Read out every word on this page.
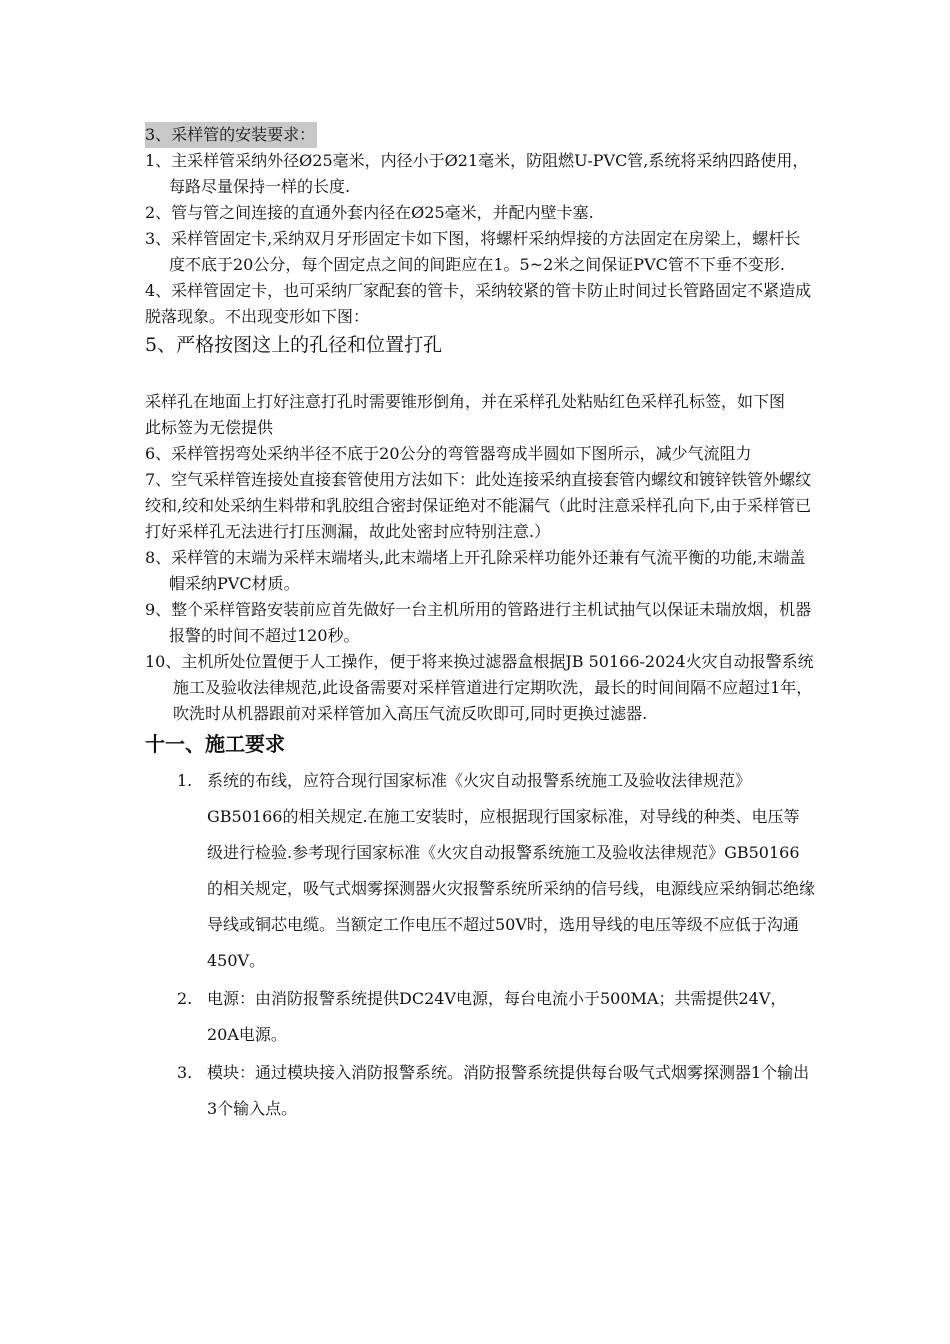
3、采样管的安装要求：

1、主采样管采纳外径Ø25毫米，内径小于Ø21毫米，防阻燃U-PVC管,系统将采纳四路使用，每路尽量保持一样的长度.

2、管与管之间连接的直通外套内径在Ø25毫米，并配内壁卡塞.

3、采样管固定卡,采纳双月牙形固定卡如下图，将螺杆采纳焊接的方法固定在房梁上，螺杆长度不底于20公分，每个固定点之间的间距应在1。5~2米之间保证PVC管不下垂不变形.

4、采样管固定卡，也可采纳厂家配套的管卡，采纳较紧的管卡防止时间过长管路固定不紧造成脱落现象。不出现变形如下图：

5、严格按图这上的孔径和位置打孔

采样孔在地面上打好注意打孔时需要锥形倒角，并在采样孔处粘贴红色采样孔标签，如下图

此标签为无偿提供

6、采样管拐弯处采纳半径不底于20公分的弯管器弯成半圆如下图所示，减少气流阻力

7、空气采样管连接处直接套管使用方法如下：此处连接采纳直接套管内螺纹和镀锌铁管外螺纹绞和,绞和处采纳生料带和乳胶组合密封保证绝对不能漏气（此时注意采样孔向下,由于采样管已打好采样孔无法进行打压测漏，故此处密封应特别注意.）

8、采样管的末端为采样末端堵头,此末端堵上开孔除采样功能外还兼有气流平衡的功能,末端盖帽采纳PVC材质。

9、整个采样管路安装前应首先做好一台主机所用的管路进行主机试抽气以保证未瑞放烟，机器报警的时间不超过120秒。

10、主机所处位置便于人工操作，便于将来换过滤器盒根据JB 50166-2024火灾自动报警系统施工及验收法律规范,此设备需要对采样管道进行定期吹洗，最长的时间间隔不应超过1年，吹洗时从机器跟前对采样管加入高压气流反吹即可,同时更换过滤器.

十一、施工要求

1. 系统的布线，应符合现行国家标准《火灾自动报警系统施工及验收法律规范》GB50166的相关规定.在施工安装时，应根据现行国家标准，对导线的种类、电压等级进行检验.参考现行国家标准《火灾自动报警系统施工及验收法律规范》GB50166的相关规定，吸气式烟雾探测器火灾报警系统所采纳的信号线，电源线应采纳铜芯绝缘导线或铜芯电缆。当额定工作电压不超过50V时，选用导线的电压等级不应低于沟通450V。
2. 电源：由消防报警系统提供DC24V电源，每台电流小于500MA；共需提供24V，20A电源。
3. 模块：通过模块接入消防报警系统。消防报警系统提供每台吸气式烟雾探测器1个输出3个输入点。
